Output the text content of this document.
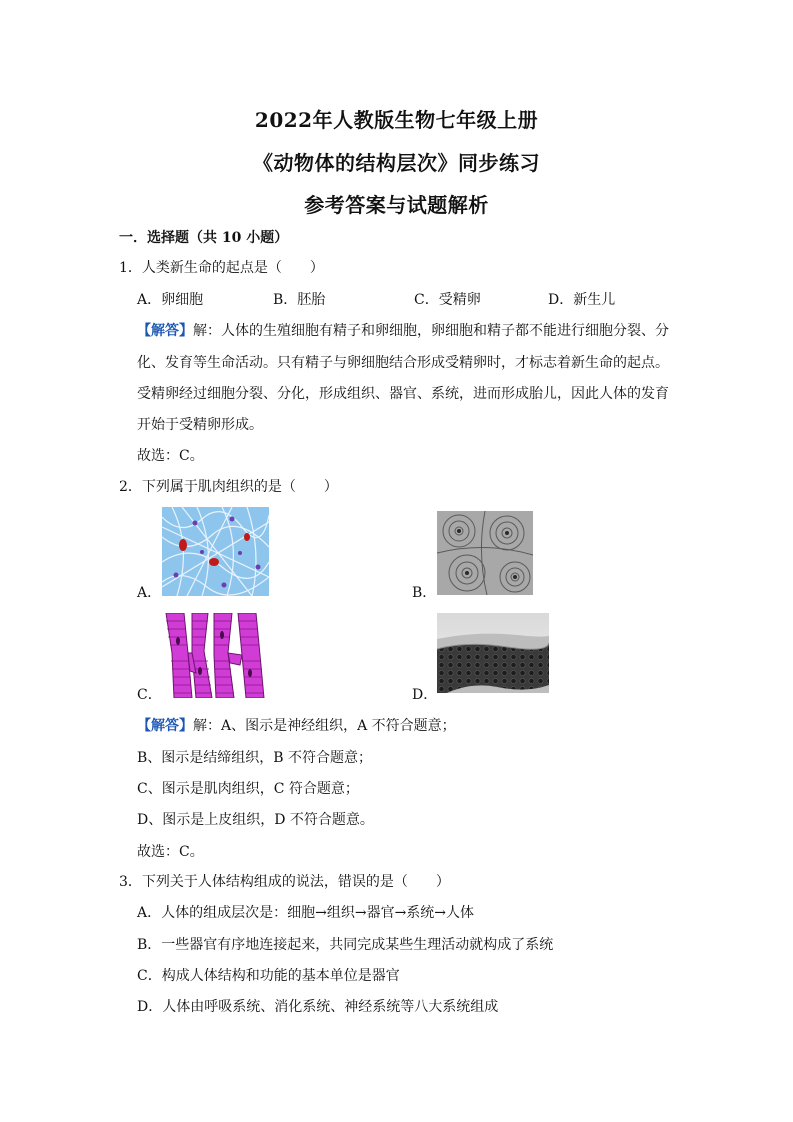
2022年人教版生物七年级上册
《动物体的结构层次》同步练习
参考答案与试题解析
一．选择题（共 10 小题）
1．人类新生命的起点是（　　）
A．卵细胞	B．胚胎	C．受精卵	D．新生儿
【解答】解：人体的生殖细胞有精子和卵细胞，卵细胞和精子都不能进行细胞分裂、分
化、发育等生命活动。只有精子与卵细胞结合形成受精卵时，才标志着新生命的起点。
受精卵经过细胞分裂、分化，形成组织、器官、系统，进而形成胎儿，因此人体的发育
开始于受精卵形成。
故选：C。
2．下列属于肌肉组织的是（　　）
A．	B．
C．	D．
【解答】解：A、图示是神经组织，A 不符合题意；
B、图示是结缔组织，B 不符合题意；
C、图示是肌肉组织，C 符合题意；
D、图示是上皮组织，D 不符合题意。
故选：C。
3．下列关于人体结构组成的说法，错误的是（　　）
A．人体的组成层次是：细胞→组织→器官→系统→人体
B．一些器官有序地连接起来，共同完成某些生理活动就构成了系统
C．构成人体结构和功能的基本单位是器官
D．人体由呼吸系统、消化系统、神经系统等八大系统组成
